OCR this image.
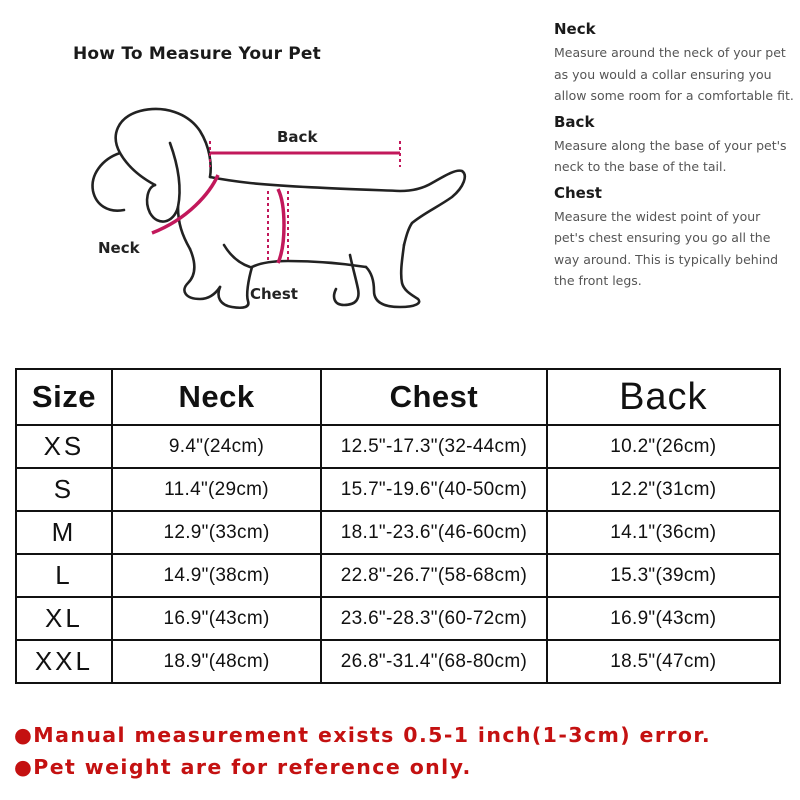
How To Measure Your Pet
Back
Neck
Chest
Neck
Measure around the neck of your pet as you would a collar ensuring you allow some room for a comfortable fit.
Back
Measure along the base of your pet's neck to the base of the tail.
Chest
Measure the widest point of your pet's chest ensuring you go all the way around. This is typically behind the front legs.
Size	Neck	Chest	Back
XS	9.4"(24cm)	12.5"-17.3"(32-44cm)	10.2"(26cm)
S	11.4"(29cm)	15.7"-19.6"(40-50cm)	12.2"(31cm)
M	12.9"(33cm)	18.1"-23.6"(46-60cm)	14.1"(36cm)
L	14.9"(38cm)	22.8"-26.7"(58-68cm)	15.3"(39cm)
XL	16.9"(43cm)	23.6"-28.3"(60-72cm)	16.9"(43cm)
XXL	18.9"(48cm)	26.8"-31.4"(68-80cm)	18.5"(47cm)
●Manual measurement exists 0.5-1 inch(1-3cm) error.
●Pet weight are for reference only.
